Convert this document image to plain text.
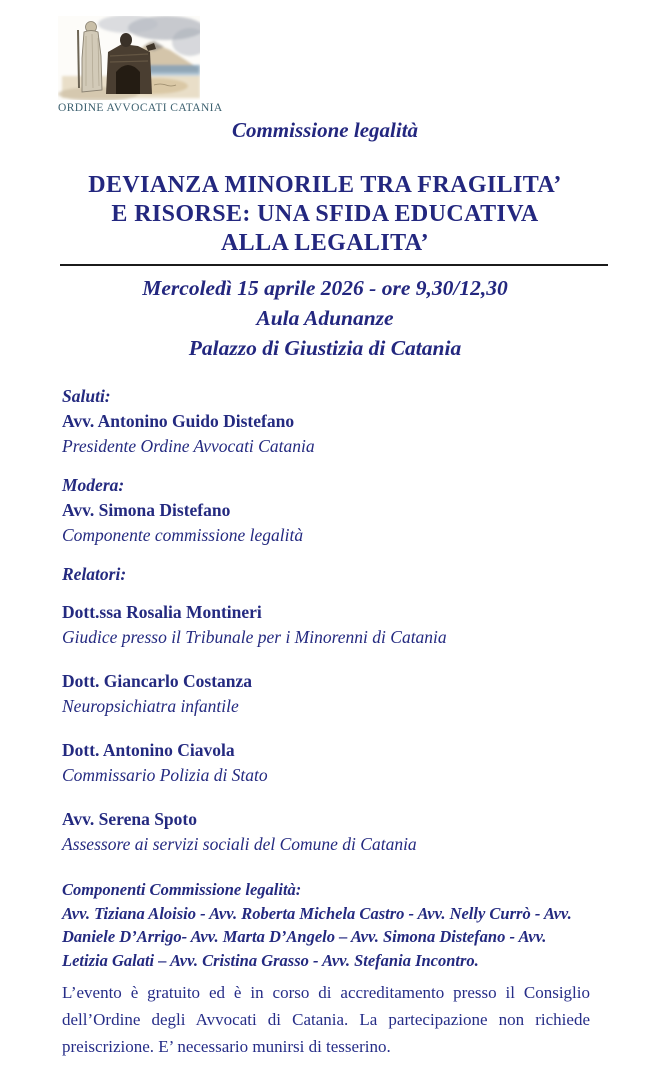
ORDINE AVVOCATI CATANIA
Commissione legalità
DEVIANZA MINORILE TRA FRAGILITA’
E RISORSE: UNA SFIDA EDUCATIVA
ALLA LEGALITA’
Mercoledì 15 aprile 2026 - ore 9,30/12,30
Aula Adunanze
Palazzo di Giustizia di Catania
Saluti:
Avv. Antonino Guido Distefano
Presidente Ordine Avvocati Catania
Modera:
Avv. Simona Distefano
Componente commissione legalità
Relatori:
Dott.ssa Rosalia Montineri
Giudice presso il Tribunale per i Minorenni di Catania
Dott. Giancarlo Costanza
Neuropsichiatra infantile
Dott. Antonino Ciavola
Commissario Polizia di Stato
Avv. Serena Spoto
Assessore ai servizi sociali del Comune di Catania
Componenti Commissione legalità:
Avv. Tiziana Aloisio - Avv. Roberta Michela Castro - Avv. Nelly Currò - Avv. Daniele D’Arrigo- Avv. Marta D’Angelo – Avv. Simona Distefano - Avv. Letizia Galati – Avv. Cristina Grasso - Avv. Stefania Incontro.
L’evento è gratuito ed è in corso di accreditamento presso il Consiglio dell’Ordine degli Avvocati di Catania. La partecipazione non richiede preiscrizione. E’ necessario munirsi di tesserino.
